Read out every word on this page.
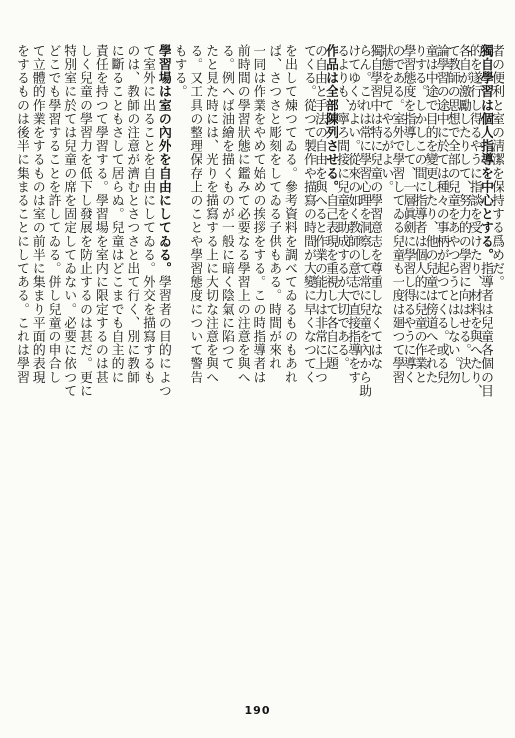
をするものは後半に集まることにしてある。これは學習 て立體的作業をするものは室の前半に集まり平面的表現 どこでも學習することを許してゐる。併し兒童の申合し 特別室に於ては兒童の席を固定してゐない。必要に依つて しく兒童の學習力を低下し發展を防止するのは甚だ。更に 責任を持つて學習する。學習場を室内に限定するのは甚 に斷ることもさして居らぬ。兒童はどこまでも自主的に のは、教師の注意が濟むとさつさと出て行く、別に教師 て室外に出ることを自由にしてゐる。外交を描寫するも 學習場は室の內外を自由にしてゐる。學習者の目的によつ
もする。 る。又工具の整理保存上のことや學習態度について警告 たと見た時には、光りを描寫する上に大切な注意を與へ る。例へば油繪を描くものが一般に暗く陰氣に陷つて 前時間の學習狀態に鑑みて必要なる學習上の注意を與へ 一同は作業をやめて始めの挨拶をする。この時指導者は ば、さつさと彫刻をしてゐる子供もある。時間が來れ を出して煉つてゐる。參考資料を調べてゐるものもあれ てくる。從つて製作や描寫の時間が大變に早くなつてく
の自由と手法の自由を與へると作業の能力は非常に上つ
作品は全部陳列させる。自己表現を重視して各自に題
るよりも、寧ろ間接に兒童を助成するが大切である。
けてゆくがよい。從來の如く教師の意志で直接指導をす
らん。これは常に學習心理を洞察して常に兒童を內から助
獨自學習中は特に兒童の學習意志を尊重しなくてはな
狀態を見てやるがよい。
のである。室外で學習してゐる兒童も一度は廻つて學習
學習態度を指導して、一層眞劍に學習し得るやうに導く
りする。しかしこの間に指導者は個人的に兒童の作業と
童は中途で目的を變更したり、他の兒童は傍道へそれた
論學習の途中に於ては種々の事柄が起つてくる。或る兒
て教師の思想で全部の兒童をあやつらうとはしない。勿
各自が激勵したりして、努力的の學習に向はせる。決し
的を遂行し得るやうに指談を受けたり、材料を與へたり、
獨自學習は個人指導を中心とする。指導者は兒童各個の目
者の便利と室の淸潔を保持する爲めだ。
190
